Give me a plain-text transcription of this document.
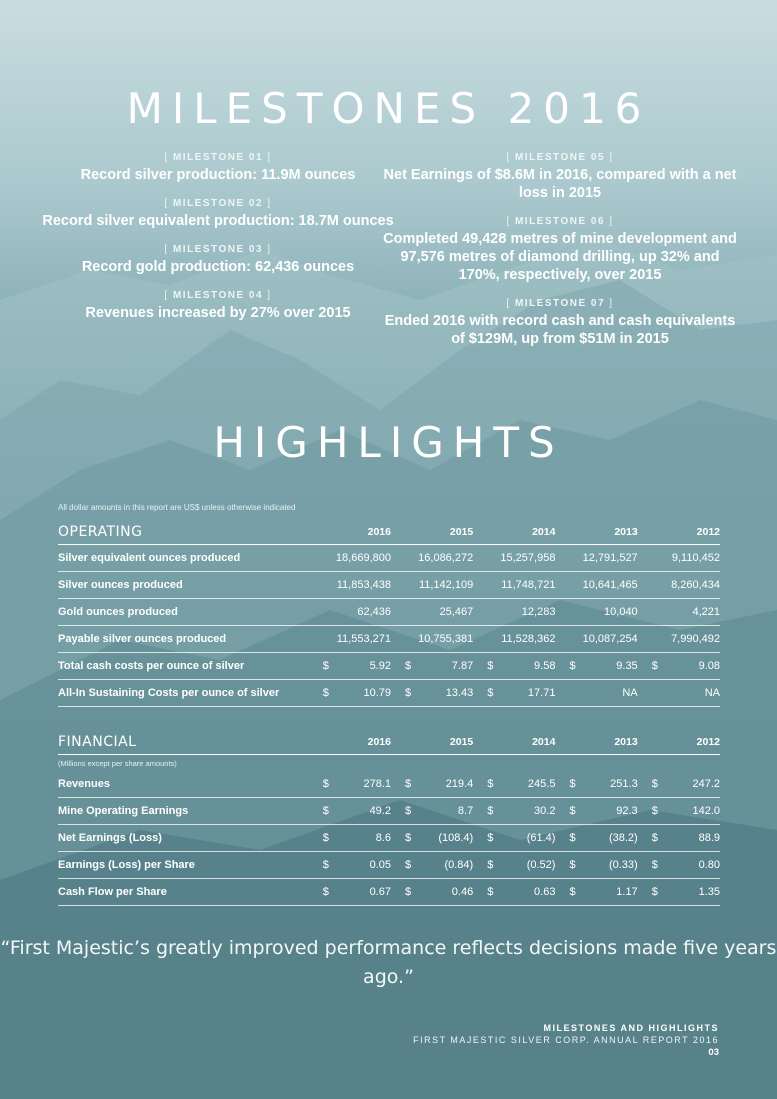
MILESTONES 2016
[ MILESTONE 01 ]
Record silver production: 11.9M ounces
[ MILESTONE 02 ]
Record silver equivalent production: 18.7M ounces
[ MILESTONE 03 ]
Record gold production: 62,436 ounces
[ MILESTONE 04 ]
Revenues increased by 27% over 2015
[ MILESTONE 05 ]
Net Earnings of $8.6M in 2016, compared with a net loss in 2015
[ MILESTONE 06 ]
Completed 49,428 metres of mine development and 97,576 metres of diamond drilling, up 32% and 170%, respectively, over 2015
[ MILESTONE 07 ]
Ended 2016 with record cash and cash equivalents of $129M, up from $51M in 2015
HIGHLIGHTS
All dollar amounts in this report are US$ unless otherwise indicated
OPERATING	2016	2015	2014	2013	2012
Silver equivalent ounces produced	18,669,800	16,086,272	15,257,958	12,791,527	9,110,452

Silver ounces produced	11,853,438	11,142,109	11,748,721	10,641,465	8,260,434

Gold ounces produced	62,436	25,467	12,283	10,040	4,221

Payable silver ounces produced	11,553,271	10,755,381	11,528,362	10,087,254	7,990,492

Total cash costs per ounce of silver	$ 5.92	$ 7.87	$ 9.58	$ 9.35	$ 9.08

All-In Sustaining Costs per ounce of silver	$ 10.79	$ 13.43	$ 17.71	NA	NA
FINANCIAL	2016	2015	2014	2013	2012
(Millions except per share amounts)					
Revenues	$ 278.1	$ 219.4	$ 245.5	$ 251.3	$ 247.2

Mine Operating Earnings	$ 49.2	$ 8.7	$ 30.2	$ 92.3	$ 142.0

Net Earnings (Loss)	$ 8.6	$ (108.4)	$ (61.4)	$ (38.2)	$ 88.9

Earnings (Loss) per Share	$ 0.05	$ (0.84)	$ (0.52)	$ (0.33)	$ 0.80

Cash Flow per Share	$ 0.67	$ 0.46	$ 0.63	$ 1.17	$ 1.35
“First Majestic’s greatly improved performance reflects decisions made five years ago.”
MILESTONES AND HIGHLIGHTS
FIRST MAJESTIC SILVER CORP. ANNUAL REPORT 2016
03
